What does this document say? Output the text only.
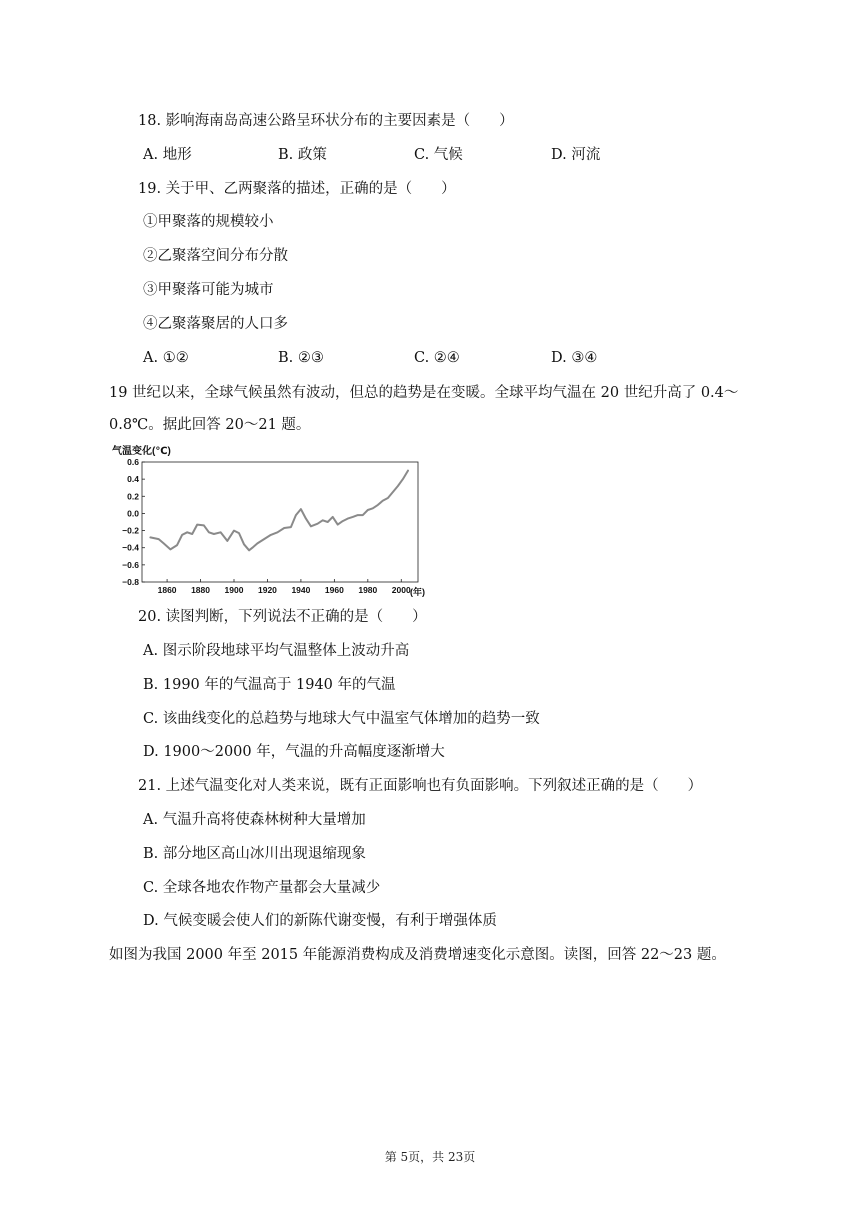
18. 影响海南岛高速公路呈环状分布的主要因素是（　　）
A. 地形	B. 政策	C. 气候	D. 河流
19. 关于甲、乙两聚落的描述，正确的是（　　）
①甲聚落的规模较小
②乙聚落空间分布分散
③甲聚落可能为城市
④乙聚落聚居的人口多
A. ①②	B. ②③	C. ②④	D. ③④
19 世纪以来，全球气候虽然有波动，但总的趋势是在变暖。全球平均气温在 20 世纪升高了 0.4～
0.8℃。据此回答 20～21 题。
气温变化(℃)
0.6
0.4
0.2
0.0
−0.2
−0.4
−0.6
−0.8
1860 1880 1900 1920 1940 1960 1980 2000 (年)
20. 读图判断，下列说法不正确的是（　　）
A. 图示阶段地球平均气温整体上波动升高
B. 1990 年的气温高于 1940 年的气温
C. 该曲线变化的总趋势与地球大气中温室气体增加的趋势一致
D. 1900～2000 年，气温的升高幅度逐渐增大
21. 上述气温变化对人类来说，既有正面影响也有负面影响。下列叙述正确的是（　　）
A. 气温升高将使森林树种大量增加
B. 部分地区高山冰川出现退缩现象
C. 全球各地农作物产量都会大量减少
D. 气候变暖会使人们的新陈代谢变慢，有利于增强体质
如图为我国 2000 年至 2015 年能源消费构成及消费增速变化示意图。读图，回答 22～23 题。
第 5页，共 23页
